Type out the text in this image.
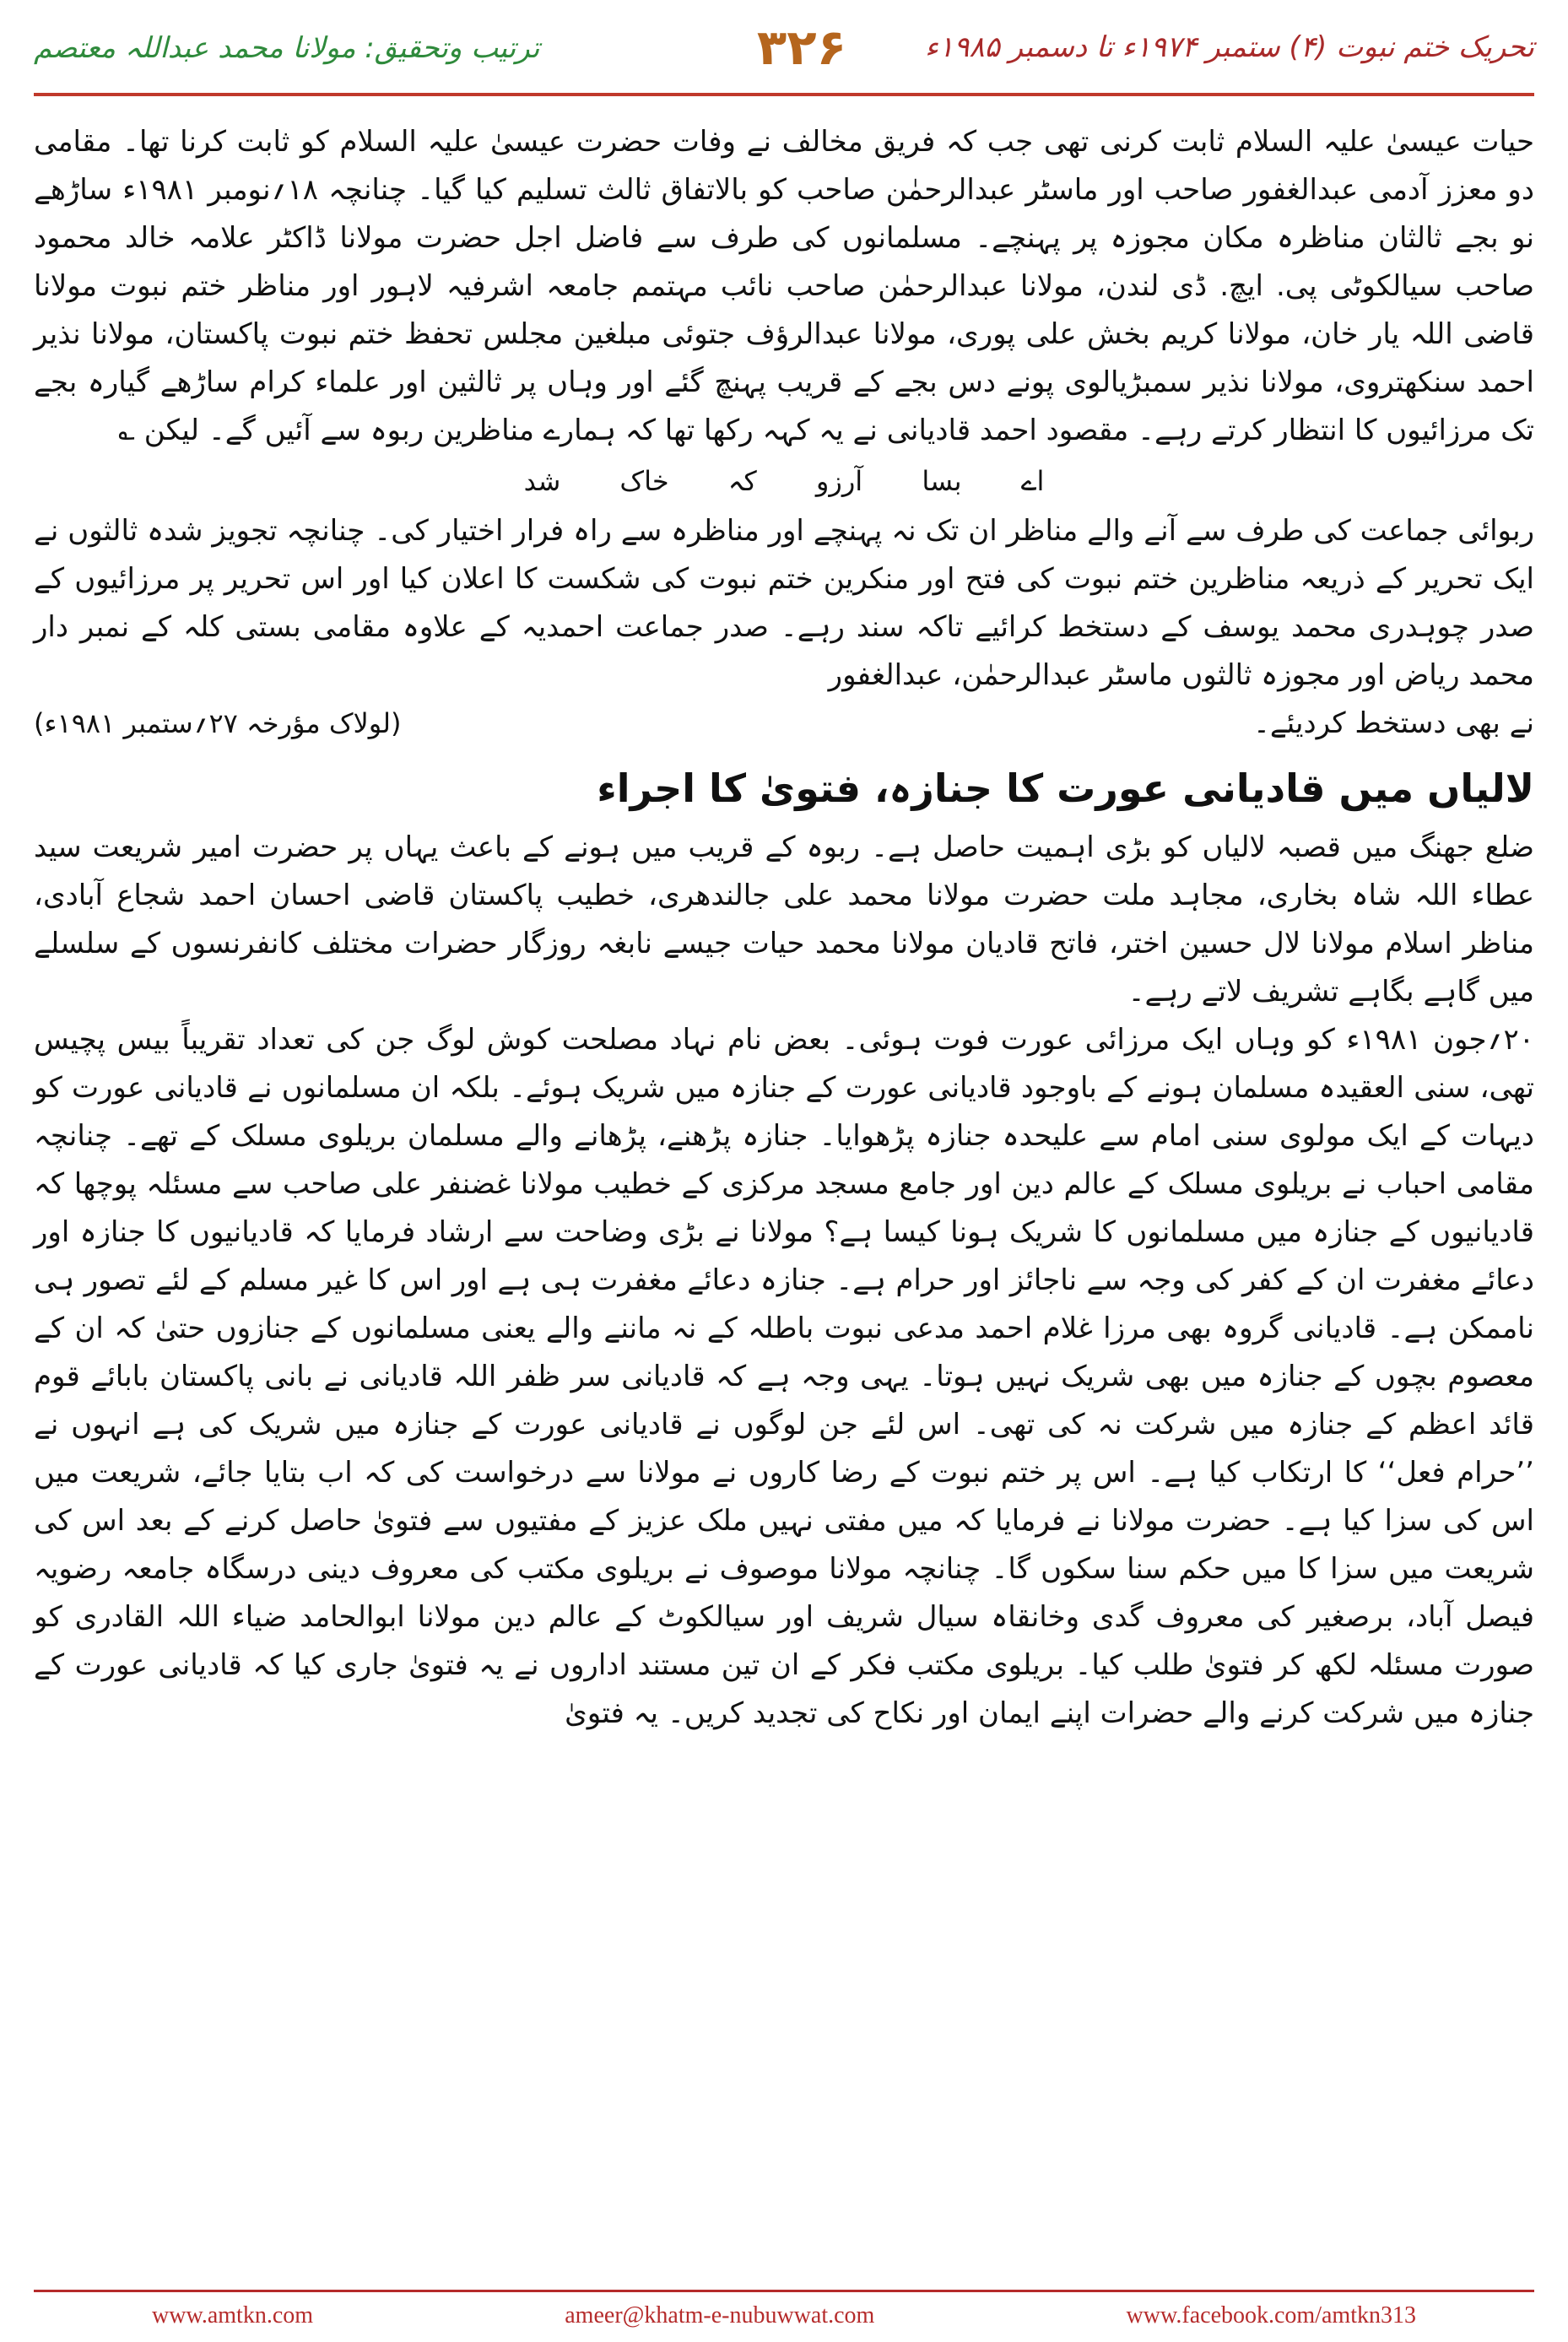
ترتیب وتحقیق: مولانا محمد عبداللہ معتصم	۳۲۶	تحریک ختم نبوت (۴) ستمبر ۱۹۷۴ء تا دسمبر ۱۹۸۵ء

حیات عیسیٰ علیہ السلام ثابت کرنی تھی جب کہ فریق مخالف نے وفات حضرت عیسیٰ علیہ السلام کو ثابت کرنا تھا۔ مقامی دو معزز آدمی عبدالغفور صاحب اور ماسٹر عبدالرحمٰن صاحب کو بالاتفاق ثالث تسلیم کیا گیا۔ چنانچہ ۱۸؍نومبر ۱۹۸۱ء ساڑھے نو بجے ثالثان مناظرہ مکان مجوزہ پر پہنچے۔ مسلمانوں کی طرف سے فاضل اجل حضرت مولانا ڈاکٹر علامہ خالد محمود صاحب سیالکوٹی پی. ایچ. ڈی لندن، مولانا عبدالرحمٰن صاحب نائب مہتمم جامعہ اشرفیہ لاہور اور مناظر ختم نبوت مولانا قاضی اللہ یار خان، مولانا کریم بخش علی پوری، مولانا عبدالرؤف جتوئی مبلغین مجلس تحفظ ختم نبوت پاکستان، مولانا نذیر احمد سنکھتروی، مولانا نذیر سمبڑیالوی پونے دس بجے کے قریب پہنچ گئے اور وہاں پر ثالثین اور علماء کرام ساڑھے گیارہ بجے تک مرزائیوں کا انتظار کرتے رہے۔ مقصود احمد قادیانی نے یہ کہہ رکھا تھا کہ ہمارے مناظرین ربوہ سے آئیں گے۔ لیکن ؎

اے بسا آرزو کہ خاک شد

ربوائی جماعت کی طرف سے آنے والے مناظر ان تک نہ پہنچے اور مناظرہ سے راہ فرار اختیار کی۔ چنانچہ تجویز شدہ ثالثوں نے ایک تحریر کے ذریعہ مناظرین ختم نبوت کی فتح اور منکرین ختم نبوت کی شکست کا اعلان کیا اور اس تحریر پر مرزائیوں کے صدر چوہدری محمد یوسف کے دستخط کرائیے تاکہ سند رہے۔ صدر جماعت احمدیہ کے علاوہ مقامی بستی کلہ کے نمبر دار محمد ریاض اور مجوزہ ثالثوں ماسٹر عبدالرحمٰن، عبدالغفور

نے بھی دستخط کردیئے۔
(لولاک مؤرخہ ۲۷؍ستمبر ۱۹۸۱ء)
لالیاں میں قادیانی عورت کا جنازہ، فتویٰ کا اجراء

ضلع جھنگ میں قصبہ لالیاں کو بڑی اہمیت حاصل ہے۔ ربوہ کے قریب میں ہونے کے باعث یہاں پر حضرت امیر شریعت سید عطاء اللہ شاہ بخاری، مجاہد ملت حضرت مولانا محمد علی جالندھری، خطیب پاکستان قاضی احسان احمد شجاع آبادی، مناظر اسلام مولانا لال حسین اختر، فاتح قادیان مولانا محمد حیات جیسے نابغہ روزگار حضرات مختلف کانفرنسوں کے سلسلے میں گاہے بگاہے تشریف لاتے رہے۔

۲۰؍جون ۱۹۸۱ء کو وہاں ایک مرزائی عورت فوت ہوئی۔ بعض نام نہاد مصلحت کوش لوگ جن کی تعداد تقریباً بیس پچیس تھی، سنی العقیدہ مسلمان ہونے کے باوجود قادیانی عورت کے جنازہ میں شریک ہوئے۔ بلکہ ان مسلمانوں نے قادیانی عورت کو دیہات کے ایک مولوی سنی امام سے علیحدہ جنازہ پڑھوایا۔ جنازہ پڑھنے، پڑھانے والے مسلمان بریلوی مسلک کے تھے۔ چنانچہ مقامی احباب نے بریلوی مسلک کے عالم دین اور جامع مسجد مرکزی کے خطیب مولانا غضنفر علی صاحب سے مسئلہ پوچھا کہ قادیانیوں کے جنازہ میں مسلمانوں کا شریک ہونا کیسا ہے؟ مولانا نے بڑی وضاحت سے ارشاد فرمایا کہ قادیانیوں کا جنازہ اور دعائے مغفرت ان کے کفر کی وجہ سے ناجائز اور حرام ہے۔ جنازہ دعائے مغفرت ہی ہے اور اس کا غیر مسلم کے لئے تصور ہی ناممکن ہے۔ قادیانی گروہ بھی مرزا غلام احمد مدعی نبوت باطلہ کے نہ ماننے والے یعنی مسلمانوں کے جنازوں حتیٰ کہ ان کے معصوم بچوں کے جنازہ میں بھی شریک نہیں ہوتا۔ یہی وجہ ہے کہ قادیانی سر ظفر اللہ قادیانی نے بانی پاکستان بابائے قوم قائد اعظم کے جنازہ میں شرکت نہ کی تھی۔ اس لئے جن لوگوں نے قادیانی عورت کے جنازہ میں شریک کی ہے انہوں نے ’’حرام فعل‘‘ کا ارتکاب کیا ہے۔ اس پر ختم نبوت کے رضا کاروں نے مولانا سے درخواست کی کہ اب بتایا جائے، شریعت میں اس کی سزا کیا ہے۔ حضرت مولانا نے فرمایا کہ میں مفتی نہیں ملک عزیز کے مفتیوں سے فتویٰ حاصل کرنے کے بعد اس کی شریعت میں سزا کا میں حکم سنا سکوں گا۔ چنانچہ مولانا موصوف نے بریلوی مکتب کی معروف دینی درسگاہ جامعہ رضویہ فیصل آباد، برصغیر کی معروف گدی وخانقاہ سیال شریف اور سیالکوٹ کے عالم دین مولانا ابوالحامد ضیاء اللہ القادری کو صورت مسئلہ لکھ کر فتویٰ طلب کیا۔ بریلوی مکتب فکر کے ان تین مستند اداروں نے یہ فتویٰ جاری کیا کہ قادیانی عورت کے جنازہ میں شرکت کرنے والے حضرات اپنے ایمان اور نکاح کی تجدید کریں۔ یہ فتویٰ

www.amtkn.com	ameer@khatm-e-nubuwwat.com	www.facebook.com/amtkn313
